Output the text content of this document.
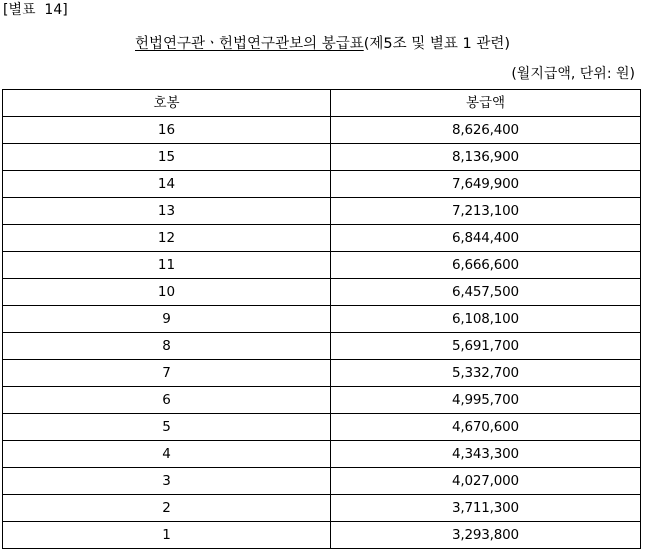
[별표  14]
헌법연구관ㆍ헌법연구관보의 봉급표(제5조 및 별표 1 관련)
(월지급액, 단위: 원)
호봉	봉급액
16	8,626,400
15	8,136,900
14	7,649,900
13	7,213,100
12	6,844,400
11	6,666,600
10	6,457,500
9	6,108,100
8	5,691,700
7	5,332,700
6	4,995,700
5	4,670,600
4	4,343,300
3	4,027,000
2	3,711,300
1	3,293,800
